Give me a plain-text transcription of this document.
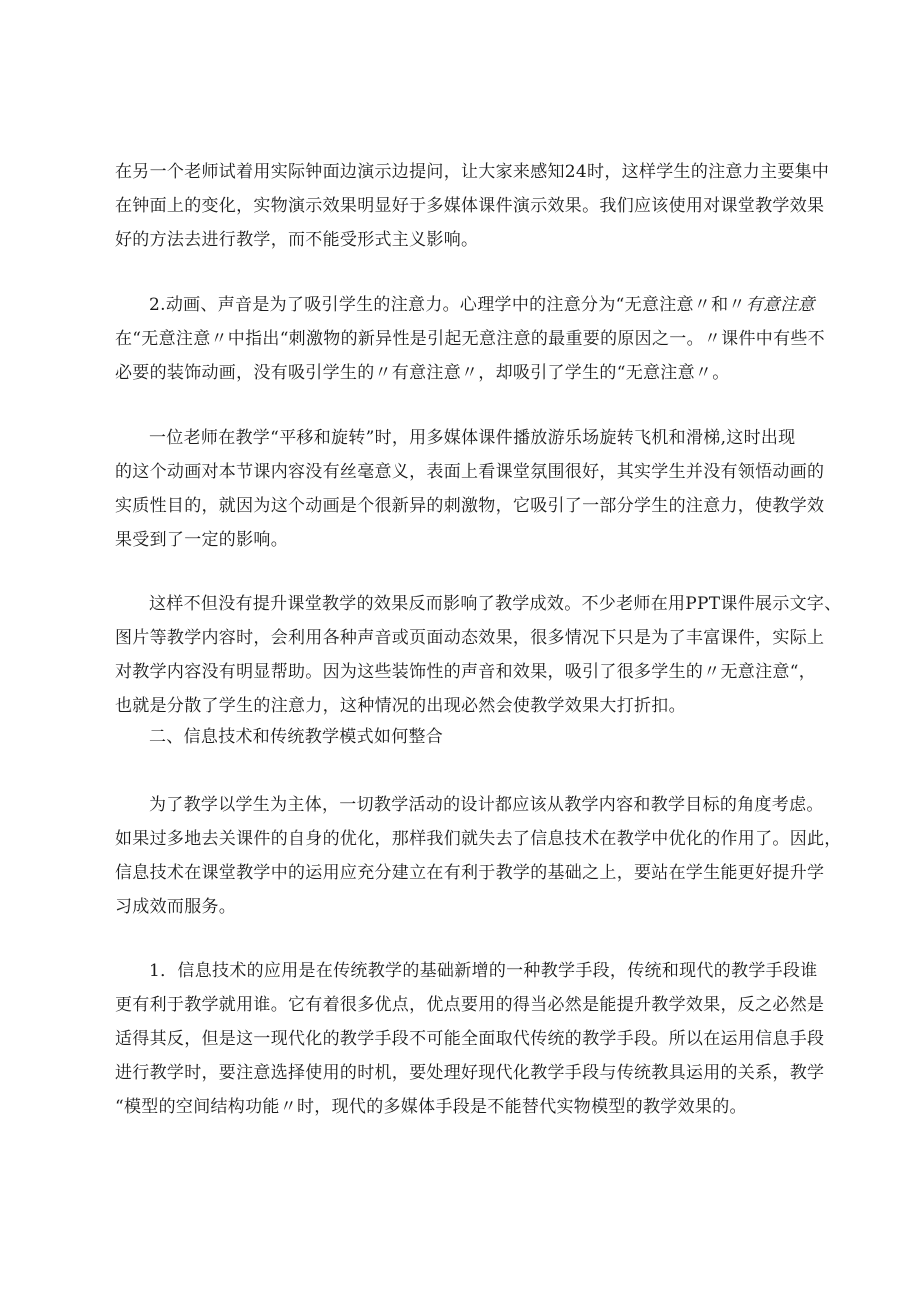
在另一个老师试着用实际钟面边演示边提问，让大家来感知24时，这样学生的注意力主要集中
在钟面上的变化，实物演示效果明显好于多媒体课件演示效果。我们应该使用对课堂教学效果
好的方法去进行教学，而不能受形式主义影响。
2.动画、声音是为了吸引学生的注意力。心理学中的注意分为“无意注意〃和〃有意注意
在“无意注意〃中指出“刺激物的新异性是引起无意注意的最重要的原因之一。〃课件中有些不
必要的装饰动画，没有吸引学生的〃有意注意〃，却吸引了学生的“无意注意〃。
一位老师在教学“平移和旋转”时，用多媒体课件播放游乐场旋转飞机和滑梯,这时出现
的这个动画对本节课内容没有丝毫意义，表面上看课堂氛围很好，其实学生并没有领悟动画的
实质性目的，就因为这个动画是个很新异的刺激物，它吸引了一部分学生的注意力，使教学效
果受到了一定的影响。
这样不但没有提升课堂教学的效果反而影响了教学成效。不少老师在用PPT课件展示文字、
图片等教学内容时，会利用各种声音或页面动态效果，很多情况下只是为了丰富课件，实际上
对教学内容没有明显帮助。因为这些装饰性的声音和效果，吸引了很多学生的〃无意注意“，
也就是分散了学生的注意力，这种情况的出现必然会使教学效果大打折扣。
二、信息技术和传统教学模式如何整合
为了教学以学生为主体，一切教学活动的设计都应该从教学内容和教学目标的角度考虑。
如果过多地去关课件的自身的优化，那样我们就失去了信息技术在教学中优化的作用了。因此，
信息技术在课堂教学中的运用应充分建立在有利于教学的基础之上，要站在学生能更好提升学
习成效而服务。
1．信息技术的应用是在传统教学的基础新增的一种教学手段，传统和现代的教学手段谁
更有利于教学就用谁。它有着很多优点，优点要用的得当必然是能提升教学效果，反之必然是
适得其反，但是这一现代化的教学手段不可能全面取代传统的教学手段。所以在运用信息手段
进行教学时，要注意选择使用的时机，要处理好现代化教学手段与传统教具运用的关系，教学
“模型的空间结构功能〃时，现代的多媒体手段是不能替代实物模型的教学效果的。
